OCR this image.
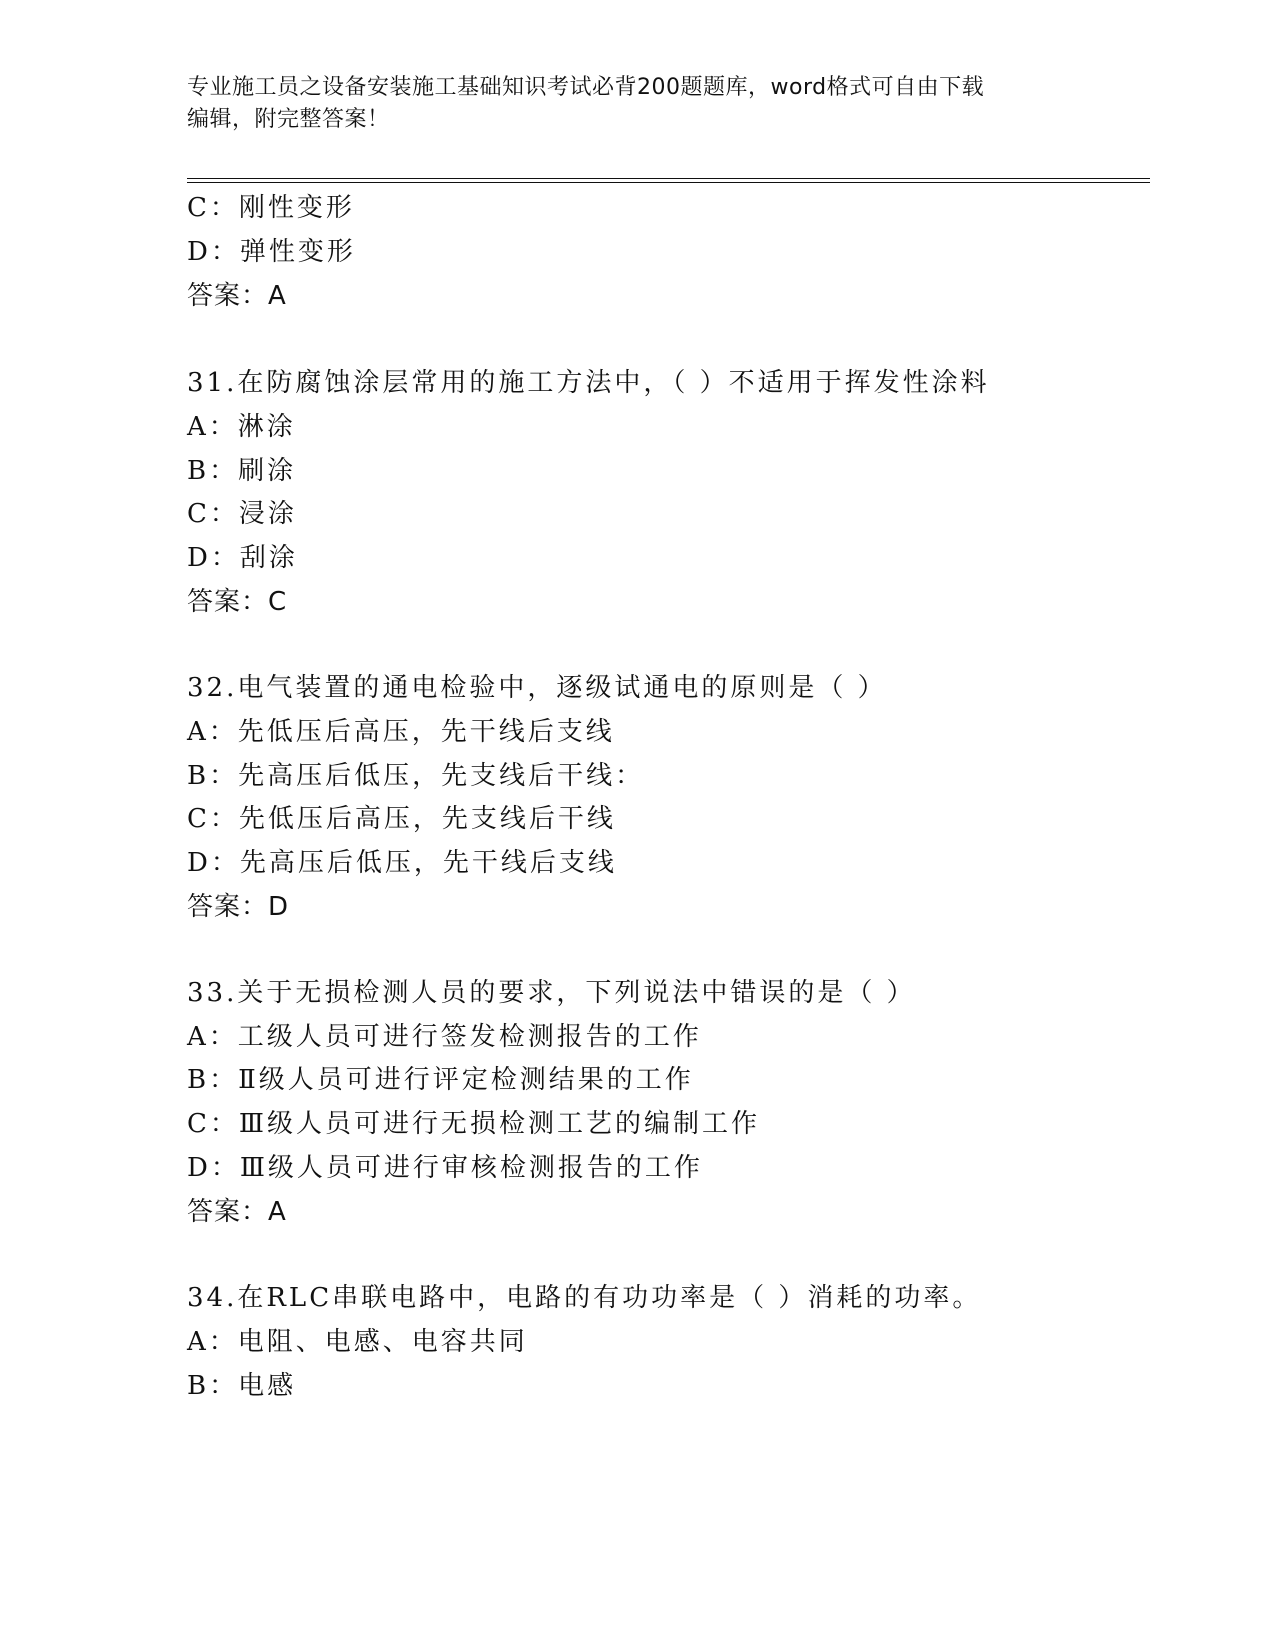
专业施工员之设备安装施工基础知识考试必背200题题库，word格式可自由下载
编辑，附完整答案！
C：刚性变形
D：弹性变形
答案：A
31.在防腐蚀涂层常用的施工方法中，（ ）不适用于挥发性涂料
A：淋涂
B：刷涂
C：浸涂
D：刮涂
答案：C
32.电气装置的通电检验中，逐级试通电的原则是（ ）
A：先低压后高压，先干线后支线
B：先高压后低压，先支线后干线：
C：先低压后高压，先支线后干线
D：先高压后低压，先干线后支线
答案：D
33.关于无损检测人员的要求，下列说法中错误的是（ ）
A：工级人员可进行签发检测报告的工作
B：Ⅱ级人员可进行评定检测结果的工作
C：Ⅲ级人员可进行无损检测工艺的编制工作
D：Ⅲ级人员可进行审核检测报告的工作
答案：A
34.在RLC串联电路中，电路的有功功率是（ ）消耗的功率。
A：电阻、电感、电容共同
B：电感
